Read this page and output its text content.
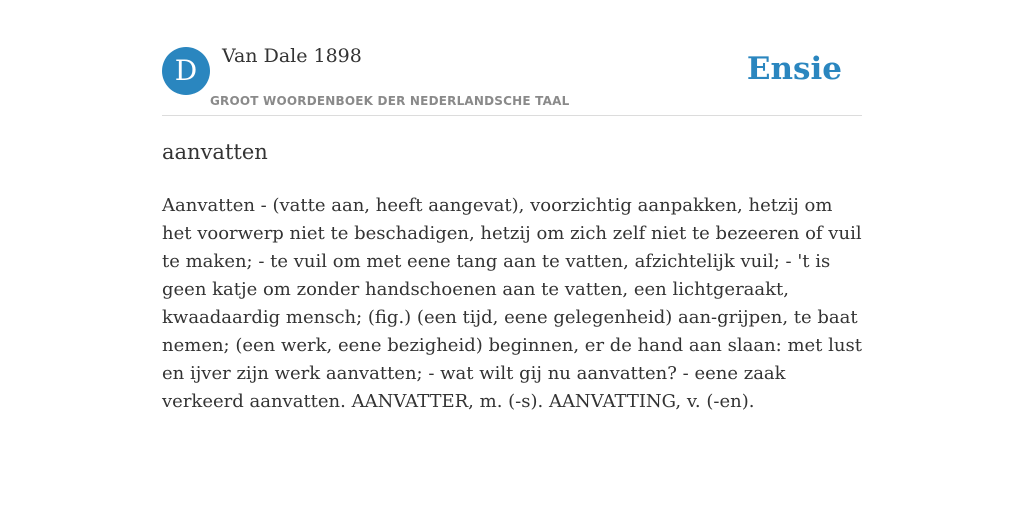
D	Van Dale 1898
GROOT WOORDENBOEK DER NEDERLANDSCHE TAAL
Ensie
aanvatten

Aanvatten - (vatte aan, heeft aangevat), voorzichtig aanpakken, hetzij om het voorwerp niet te beschadigen, hetzij om zich zelf niet te bezeeren of vuil te maken; - te vuil om met eene tang aan te vatten, afzichtelijk vuil; - 't is geen katje om zonder handschoenen aan te vatten, een lichtgeraakt, kwaadaardig mensch; (fig.) (een tijd, eene gelegenheid) aan-grijpen, te baat nemen; (een werk, eene bezigheid) beginnen, er de hand aan slaan: met lust en ijver zijn werk aanvatten; - wat wilt gij nu aanvatten? - eene zaak verkeerd aanvatten. AANVATTER, m. (-s). AANVATTING, v. (-en).
